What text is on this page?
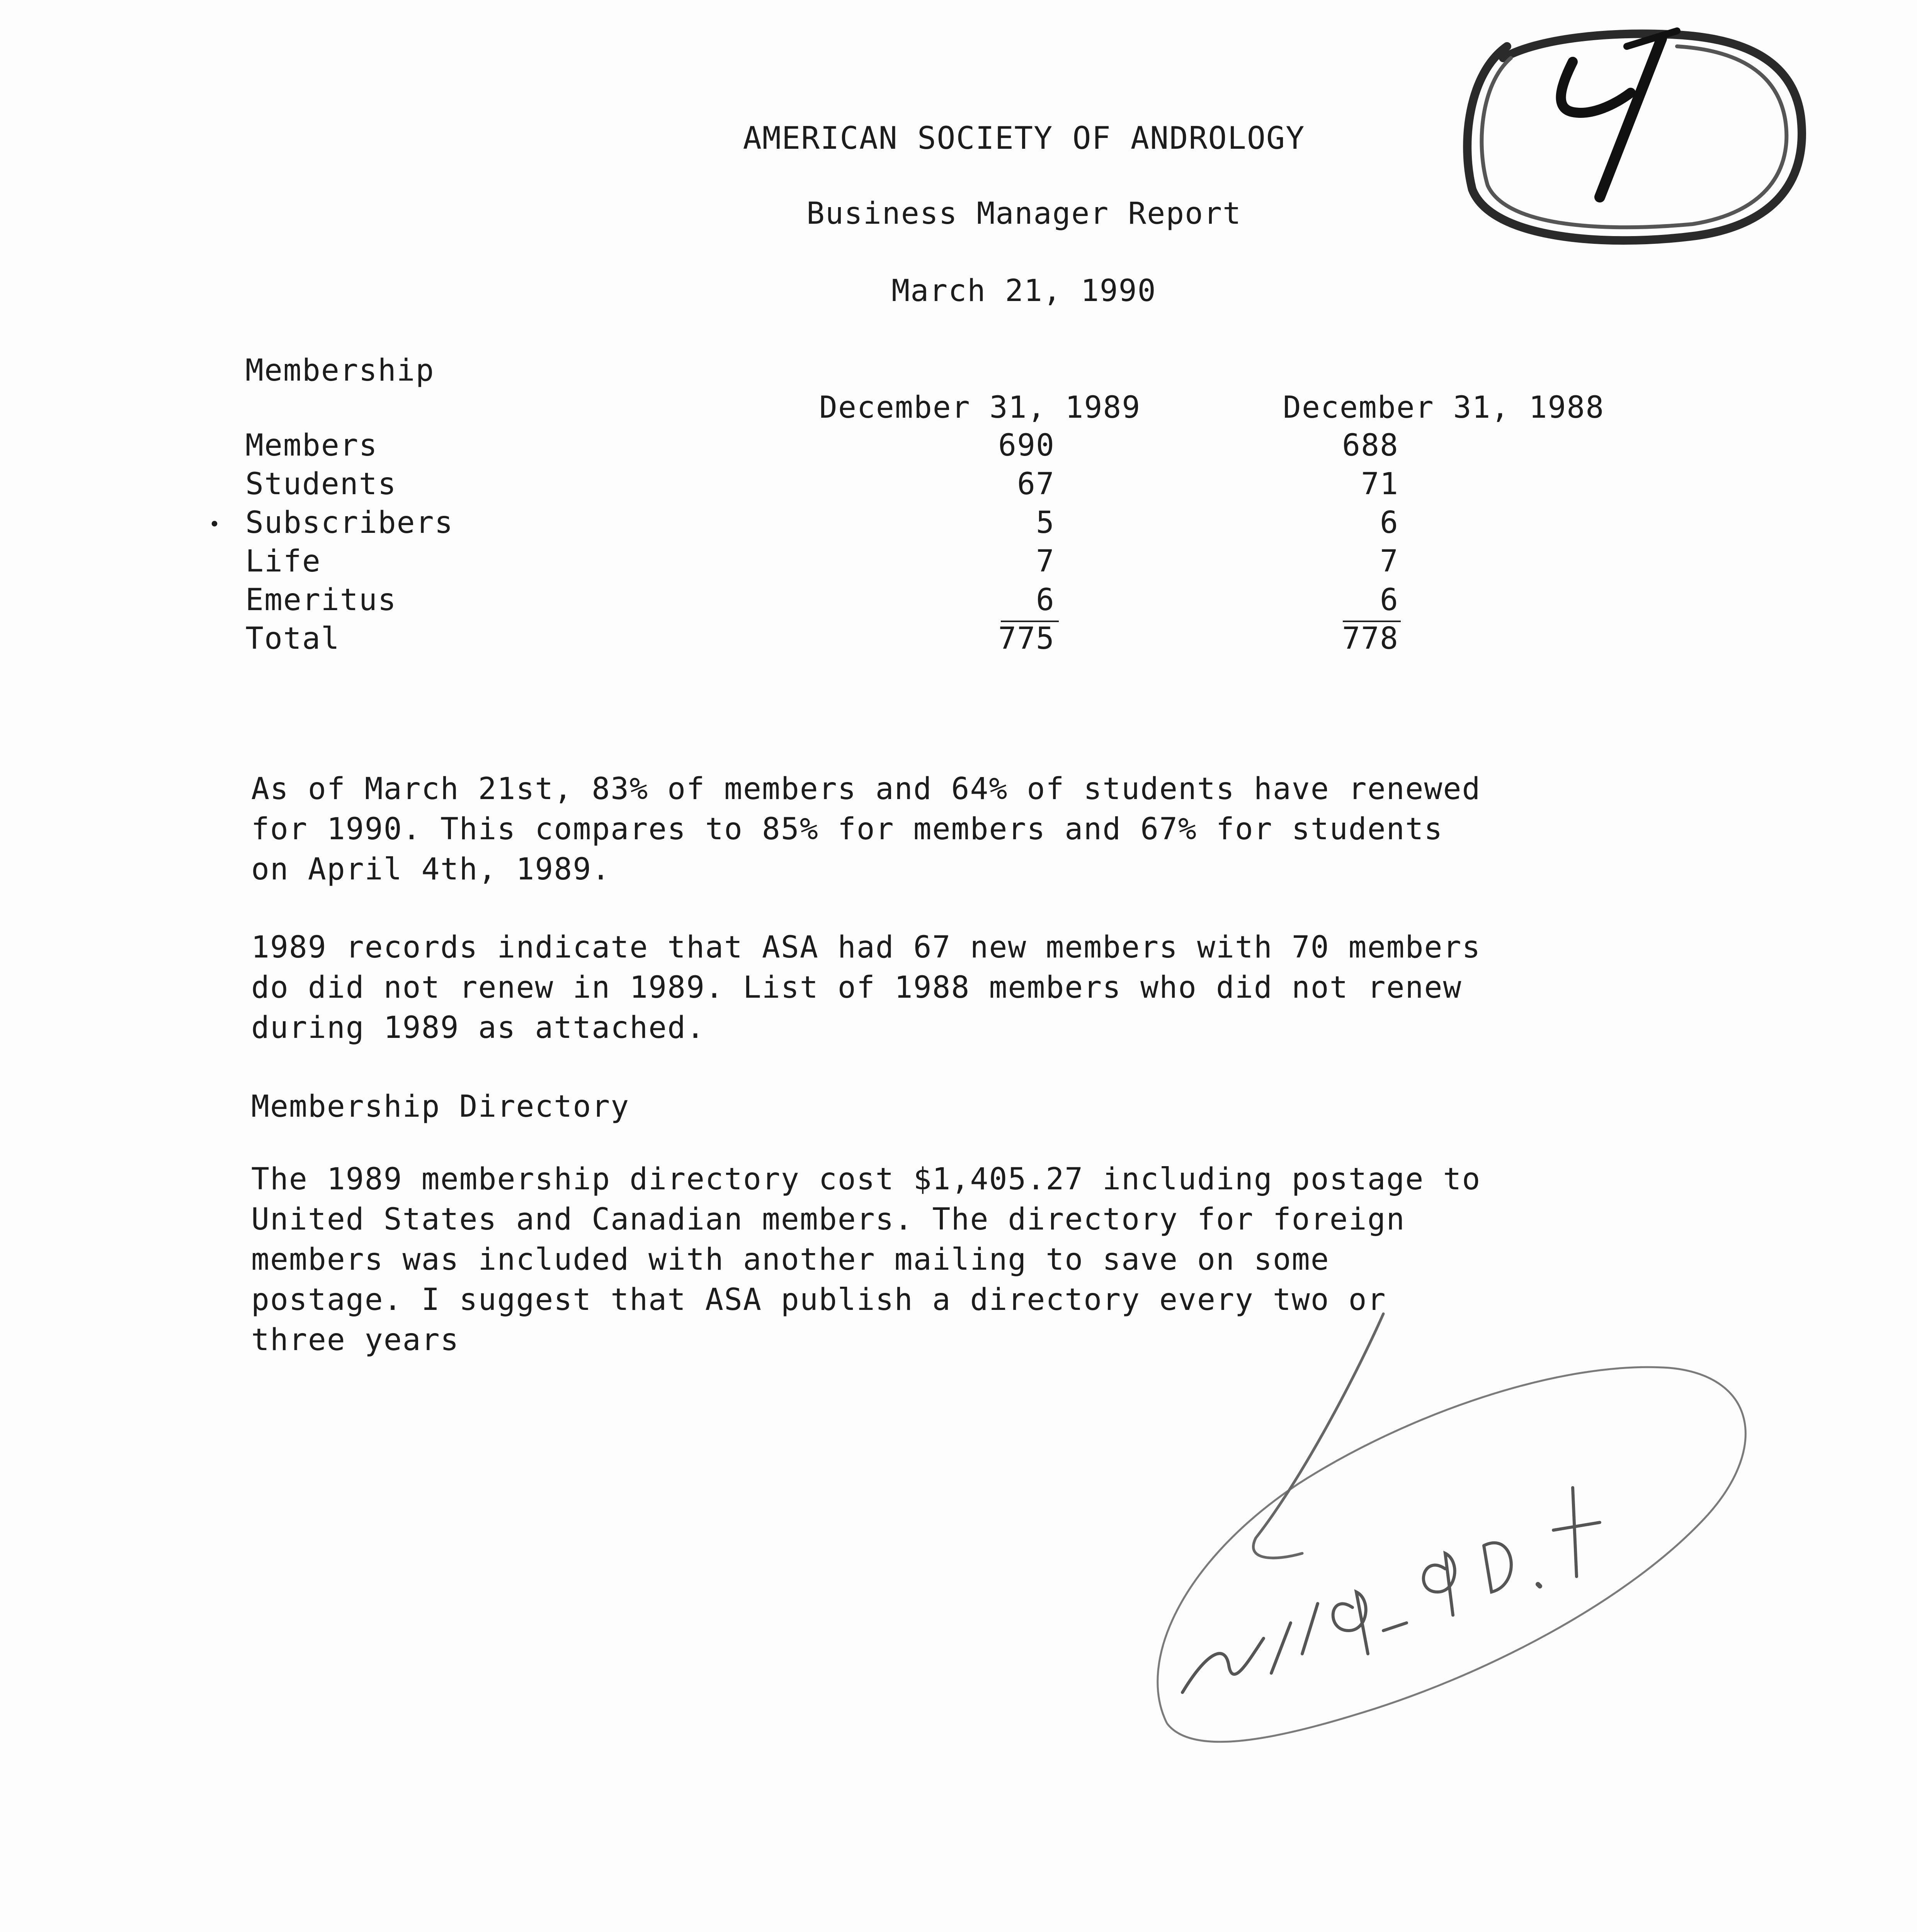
AMERICAN SOCIETY OF ANDROLOGY
Business Manager Report
March 21, 1990
Membership
December 31, 1989	December 31, 1988
•
Members	690	688
Students	67	71
Subscribers	5	6
Life	7	7
Emeritus	6	6
Total	775	778
As of March 21st, 83% of members and 64% of students have renewed
for 1990. This compares to 85% for members and 67% for students
on April 4th, 1989.
1989 records indicate that ASA had 67 new members with 70 members
do did not renew in 1989. List of 1988 members who did not renew
during 1989 as attached.
Membership Directory
The 1989 membership directory cost $1,405.27 including postage to
United States and Canadian members. The directory for foreign
members was included with another mailing to save on some
postage. I suggest that ASA publish a directory every two or
three years
